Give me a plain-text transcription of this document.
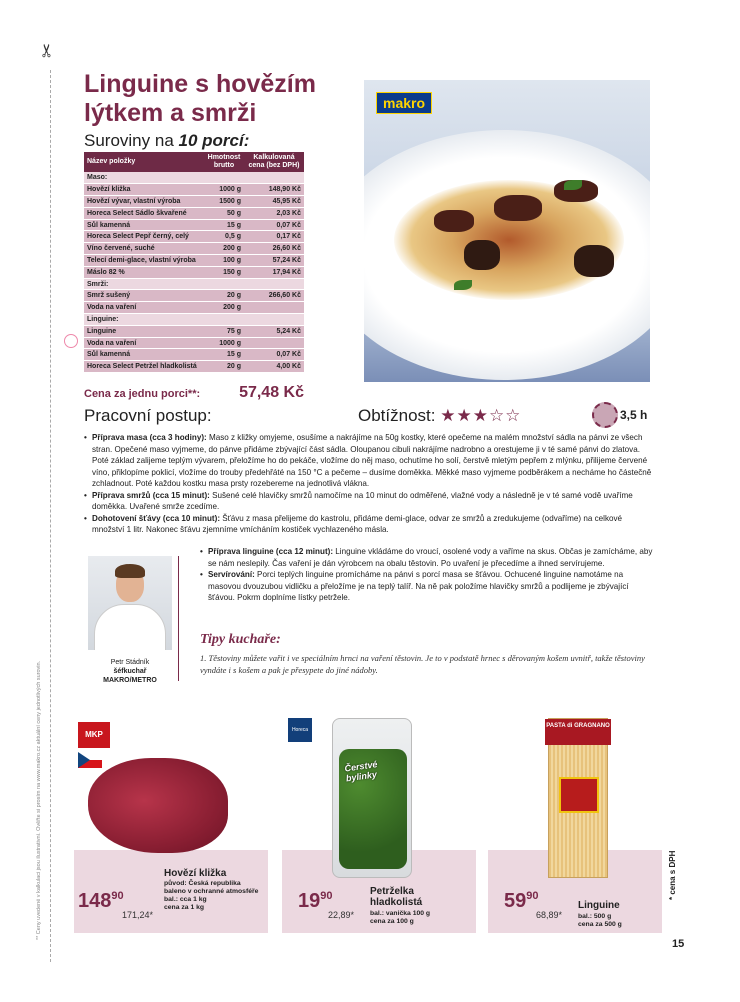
✂
** Ceny uvedené v kalkulaci jsou ilustrativní. Ověřte si prosím na www.makro.cz aktuální ceny jednotlivých surovin.
Linguine s hovězím lýtkem a smrži
Suroviny na 10 porcí:
Název položky	Hmotnost brutto	Kalkulovaná cena (bez DPH)
Maso:		
Hovězí kližka	1000 g	148,90 Kč
Hovězí vývar, vlastní výroba	1500 g	45,95 Kč
Horeca Select Sádlo škvařené	50 g	2,03 Kč
Sůl kamenná	15 g	0,07 Kč
Horeca Select Pepř černý, celý	0,5 g	0,17 Kč
Víno červené, suché	200 g	26,60 Kč
Telecí demi-glace, vlastní výroba	100 g	57,24 Kč
Máslo 82 %	150 g	17,94 Kč
Smrži:		
Smrž sušený	20 g	266,60 Kč
Voda na vaření	200 g	
Linguine:		
Linguine	75 g	5,24 Kč
Voda na vaření	1000 g	
Sůl kamenná	15 g	0,07 Kč
Horeca Select Petržel hladkolistá	20 g	4,00 Kč
Cena za jednu porci**: 57,48 Kč
makro
Pracovní postup:	Obtížnost: ★★★☆☆	3,5 h
• Příprava masa (cca 3 hodiny): Maso z kližky omyjeme, osušíme a nakrájíme na 50g kostky, které opečeme na malém množství sádla na pánvi ze všech stran. Opečené maso vyjmeme, do pánve přidáme zbývající část sádla. Oloupanou cibuli nakrájíme nadrobno a orestujeme ji v té samé pánvi do zlatova. Poté základ zalijeme teplým vývarem, přeložíme ho do pekáče, vložíme do něj maso, ochutíme ho solí, čerstvě mletým pepřem z mlýnku, přilijeme červené víno, přiklopíme poklicí, vložíme do trouby předehřáté na 150 °C a pečeme – dusíme doměkka. Měkké maso vyjmeme podběrákem a necháme ho částečně zchladnout. Poté každou kostku masa prsty rozebereme na jednotlivá vlákna.
• Příprava smržů (cca 15 minut): Sušené celé hlavičky smržů namočíme na 10 minut do odměřené, vlažné vody a následně je v té samé vodě uvaříme doměkka. Uvařené smrže zcedíme.
• Dohotovení šťávy (cca 10 minut): Šťávu z masa přelijeme do kastrolu, přidáme demi-glace, odvar ze smržů a zredukujeme (odvaříme) na celkové množství 1 litr. Nakonec šťávu zjemníme vmícháním kostiček vychlazeného másla.
Petr Stádník
šéfkuchař MAKRO/METRO
• Příprava linguine (cca 12 minut): Linguine vkládáme do vroucí, osolené vody a vaříme na skus. Občas je zamícháme, aby se nám neslepily. Čas vaření je dán výrobcem na obalu těstovin. Po uvaření je přecedíme a ihned servírujeme.
• Servírování: Porci teplých linguine promícháme na pánvi s porcí masa se šťávou. Ochucené linguine namotáme na masovou dvouzubou vidličku a přeložíme je na teplý talíř. Na ně pak položíme hlavičky smržů a podlijeme je zbývající šťávou. Pokrm doplníme lístky petržele.
Tipy kuchaře:
1. Těstoviny můžete vařit i ve speciálním hrnci na vaření těstovin. Je to v podstatě hrnec s děrovaným košem uvnitř, takže těstoviny vyndáte i s košem a pak je přesypete do jiné nádoby.
MKP
$148^{90}$
171,24*
Hovězí kližka
původ: Česká republika
baleno v ochranné atmosféře
bal.: cca 1 kg
cena za 1 kg
Horeca
Čerstvé bylinky
$19^{90}$
22,89*
Petrželka hladkolistá
bal.: vanička 100 g
cena za 100 g
PASTA di GRAGNANO
$59^{90}$
68,89*
Linguine
bal.: 500 g
cena za 500 g
* cena s DPH
15
